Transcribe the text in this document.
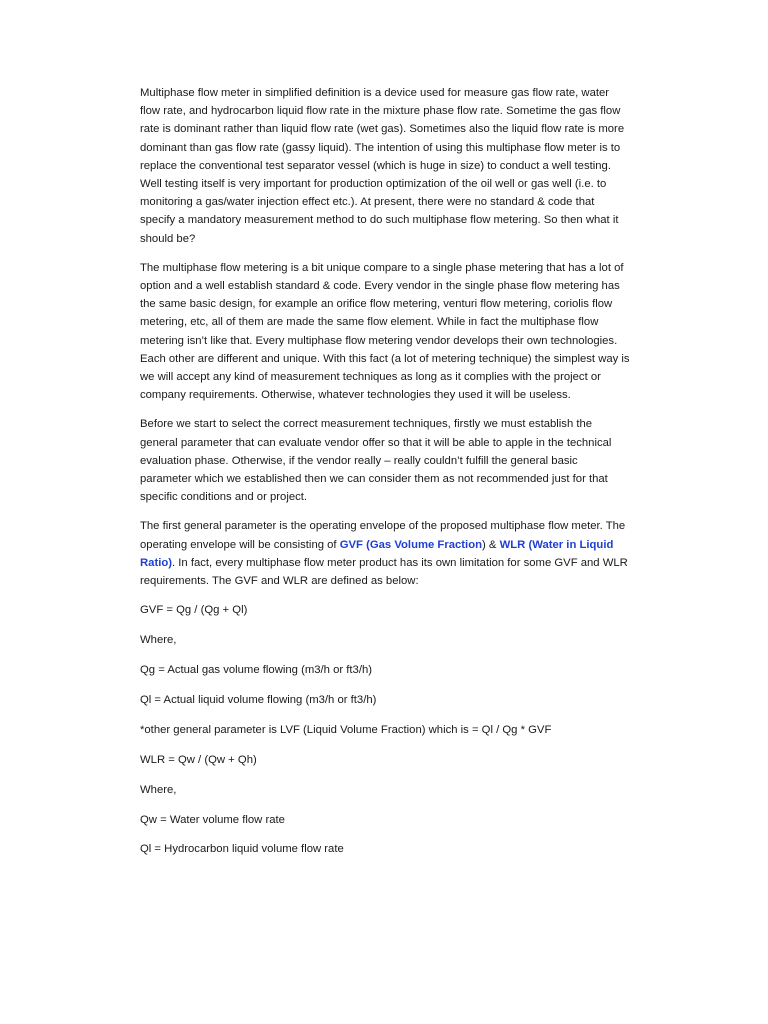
Multiphase flow meter in simplified definition is a device used for measure gas flow rate, water flow rate, and hydrocarbon liquid flow rate in the mixture phase flow rate. Sometime the gas flow rate is dominant rather than liquid flow rate (wet gas). Sometimes also the liquid flow rate is more dominant than gas flow rate (gassy liquid). The intention of using this multiphase flow meter is to replace the conventional test separator vessel (which is huge in size) to conduct a well testing. Well testing itself is very important for production optimization of the oil well or gas well (i.e. to monitoring a gas/water injection effect etc.). At present, there were no standard & code that specify a mandatory measurement method to do such multiphase flow metering. So then what it should be?

The multiphase flow metering is a bit unique compare to a single phase metering that has a lot of option and a well establish standard & code. Every vendor in the single phase flow metering has the same basic design, for example an orifice flow metering, venturi flow metering, coriolis flow metering, etc, all of them are made the same flow element. While in fact the multiphase flow metering isn’t like that. Every multiphase flow metering vendor develops their own technologies. Each other are different and unique. With this fact (a lot of metering technique) the simplest way is we will accept any kind of measurement techniques as long as it complies with the project or company requirements. Otherwise, whatever technologies they used it will be useless.

Before we start to select the correct measurement techniques, firstly we must establish the general parameter that can evaluate vendor offer so that it will be able to apple in the technical evaluation phase. Otherwise, if the vendor really – really couldn’t fulfill the general basic parameter which we established then we can consider them as not recommended just for that specific conditions and or project.

The first general parameter is the operating envelope of the proposed multiphase flow meter. The operating envelope will be consisting of GVF (Gas Volume Fraction) & WLR (Water in Liquid Ratio). In fact, every multiphase flow meter product has its own limitation for some GVF and WLR requirements. The GVF and WLR are defined as below:

GVF = Qg / (Qg + Ql)

Where,

Qg = Actual gas volume flowing (m3/h or ft3/h)

Ql = Actual liquid volume flowing (m3/h or ft3/h)

*other general parameter is LVF (Liquid Volume Fraction) which is = Ql / Qg * GVF

WLR = Qw / (Qw + Qh)

Where,

Qw = Water volume flow rate

Ql = Hydrocarbon liquid volume flow rate
